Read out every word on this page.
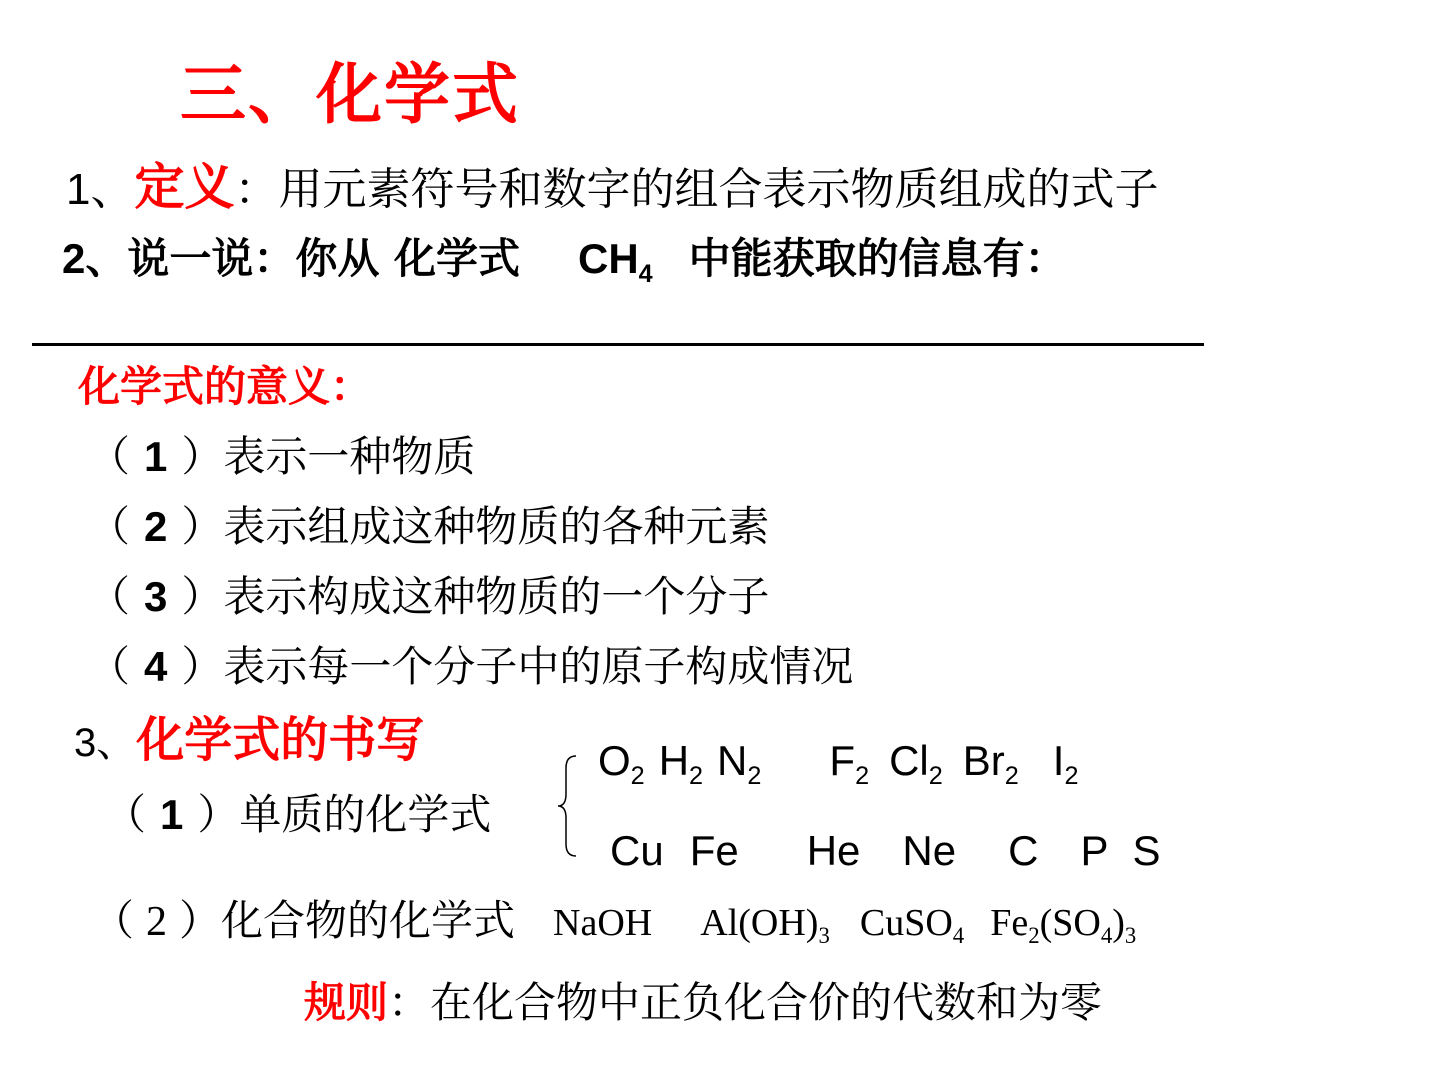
三、化学式
1、定义：用元素符号和数字的组合表示物质组成的式子
2、说一说：你从 化学式 $CH_4$ 中能获取的信息有：
化学式的意义：
（ 1 ）表示一种物质
（ 2 ）表示组成这种物质的各种元素
（ 3 ）表示构成这种物质的一个分子
（ 4 ）表示每一个分子中的原子构成情况
3、化学式的书写
（ 1 ）单质的化学式
$O_2$ $H_2$ $N_2$ $F_2$ $Cl_2$ $Br_2$ $I_2$
Cu Fe He Ne C P S
（ 2 ）化合物的化学式 NaOH $Al(OH)_3$ CuSO$_4$ $Fe_2(SO_4)_3$
规则：在化合物中正负化合价的代数和为零
